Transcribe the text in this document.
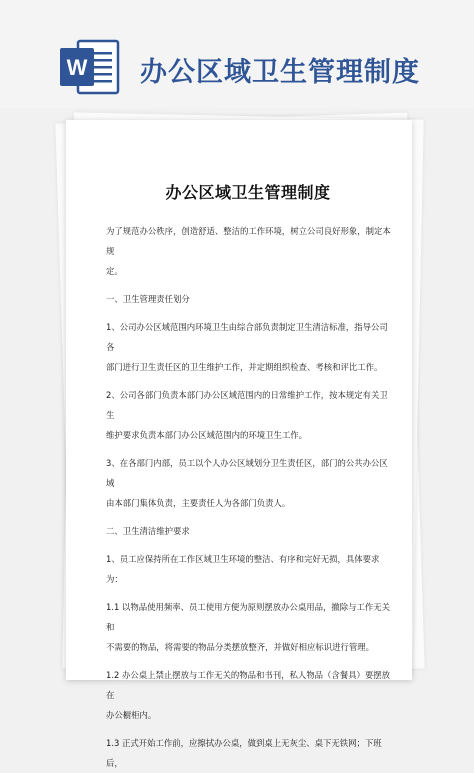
W 办公区域卫生管理制度
办公区域卫生管理制度

为了规范办公秩序，创造舒适、整洁的工作环境，树立公司良好形象，制定本规
定。

一、卫生管理责任划分

1、公司办公区域范围内环境卫生由综合部负责制定卫生清洁标准，指导公司各
部门进行卫生责任区的卫生维护工作，并定期组织检查、考核和评比工作。

2、公司各部门负责本部门办公区域范围内的日常维护工作，按本规定有关卫生
维护要求负责本部门办公区域范围内的环境卫生工作。

3、在各部门内部，员工以个人办公区域划分卫生责任区，部门的公共办公区域
由本部门集体负责，主要责任人为各部门负责人。

二、卫生清洁维护要求

1、员工应保持所在工作区域卫生环境的整洁、有序和完好无损，具体要求为：

1.1 以物品使用频率、员工使用方便为原则摆放办公桌用品，撤除与工作无关和
不需要的物品，将需要的物品分类摆放整齐，并做好相应标识进行管理。

1.2 办公桌上禁止摆放与工作无关的物品和书刊，私人物品（含餐具）要摆放在
办公橱柜内。

1.3 正式开始工作前，应擦拭办公桌，做到桌上无灰尘、桌下无铁网；下班后，
